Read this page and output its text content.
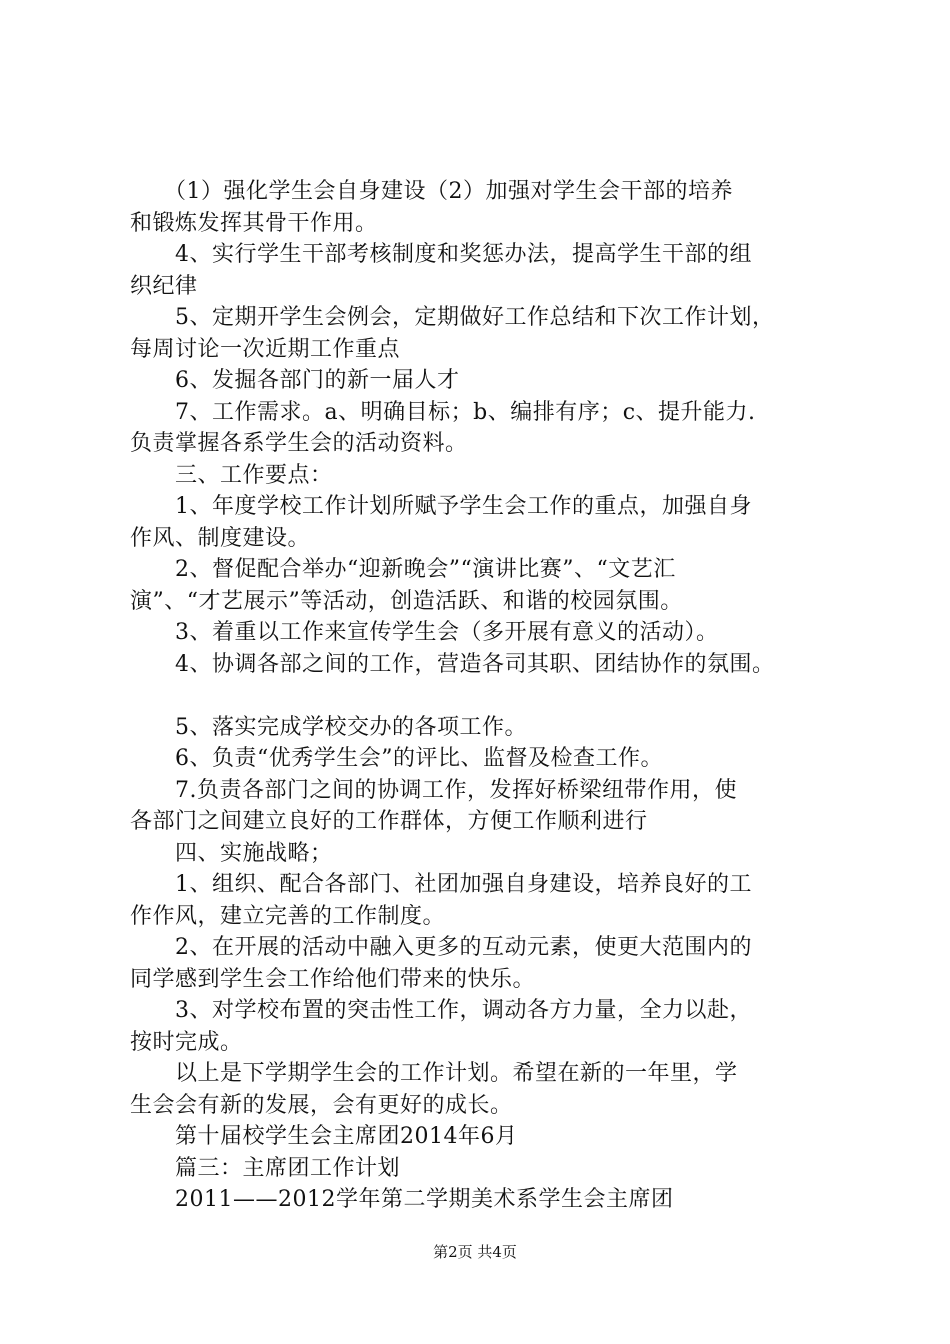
　　（1）强化学生会自身建设（2）加强对学生会干部的培养
和锻炼发挥其骨干作用。
　　4、实行学生干部考核制度和奖惩办法，提高学生干部的组
织纪律
　　5、定期开学生会例会，定期做好工作总结和下次工作计划，
每周讨论一次近期工作重点
　　6、发掘各部门的新一届人才
　　7、工作需求。a、明确目标；b、编排有序；c、提升能力.
负责掌握各系学生会的活动资料。
　　三、工作要点：
　　1、年度学校工作计划所赋予学生会工作的重点，加强自身
作风、制度建设。
　　2、督促配合举办“迎新晚会”“演讲比赛”、“文艺汇
演”、“才艺展示”等活动，创造活跃、和谐的校园氛围。
　　3、着重以工作来宣传学生会（多开展有意义的活动）。
　　4、协调各部之间的工作，营造各司其职、团结协作的氛围。
　　5、落实完成学校交办的各项工作。
　　6、负责“优秀学生会”的评比、监督及检查工作。
　　7.负责各部门之间的协调工作，发挥好桥梁纽带作用，使
各部门之间建立良好的工作群体，方便工作顺利进行
　　四、实施战略；
　　1、组织、配合各部门、社团加强自身建设，培养良好的工
作作风，建立完善的工作制度。
　　2、在开展的活动中融入更多的互动元素，使更大范围内的
同学感到学生会工作给他们带来的快乐。
　　3、对学校布置的突击性工作，调动各方力量，全力以赴，
按时完成。
　　以上是下学期学生会的工作计划。希望在新的一年里，学
生会会有新的发展，会有更好的成长。
　　第十届校学生会主席团2014年6月
　　篇三：主席团工作计划
　　2011——2012学年第二学期美术系学生会主席团
第2页 共4页
